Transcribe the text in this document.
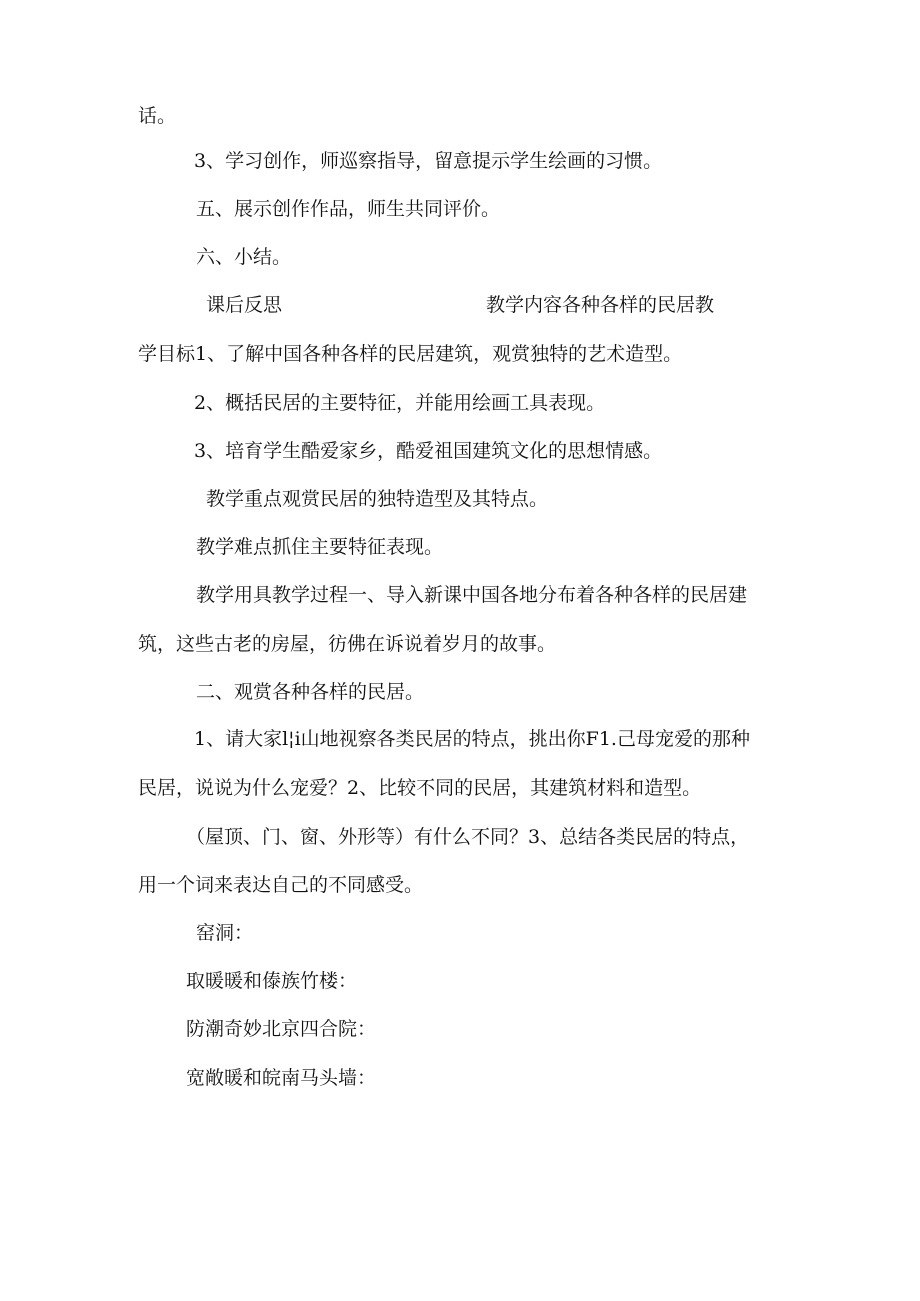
话。

3、学习创作，师巡察指导，留意提示学生绘画的习惯。

五、展示创作作品，师生共同评价。

六、小结。

课后反思	教学内容各种各样的民居教

学目标1、了解中国各种各样的民居建筑，观赏独特的艺术造型。

2、概括民居的主要特征，并能用绘画工具表现。

3、培育学生酷爱家乡，酷爱祖国建筑文化的思想情感。

教学重点观赏民居的独特造型及其特点。

教学难点抓住主要特征表现。

教学用具教学过程一、导入新课中国各地分布着各种各样的民居建

筑，这些古老的房屋，彷佛在诉说着岁月的故事。

二、观赏各种各样的民居。

1、请大家l¦i山地视察各类民居的特点，挑出你F1.己母宠爱的那种

民居，说说为什么宠爱？2、比较不同的民居，其建筑材料和造型。

（屋顶、门、窗、外形等）有什么不同？3、总结各类民居的特点，

用一个词来表达自己的不同感受。

窑洞：

取暖暖和傣族竹楼：

防潮奇妙北京四合院：

宽敞暖和皖南马头墙：
